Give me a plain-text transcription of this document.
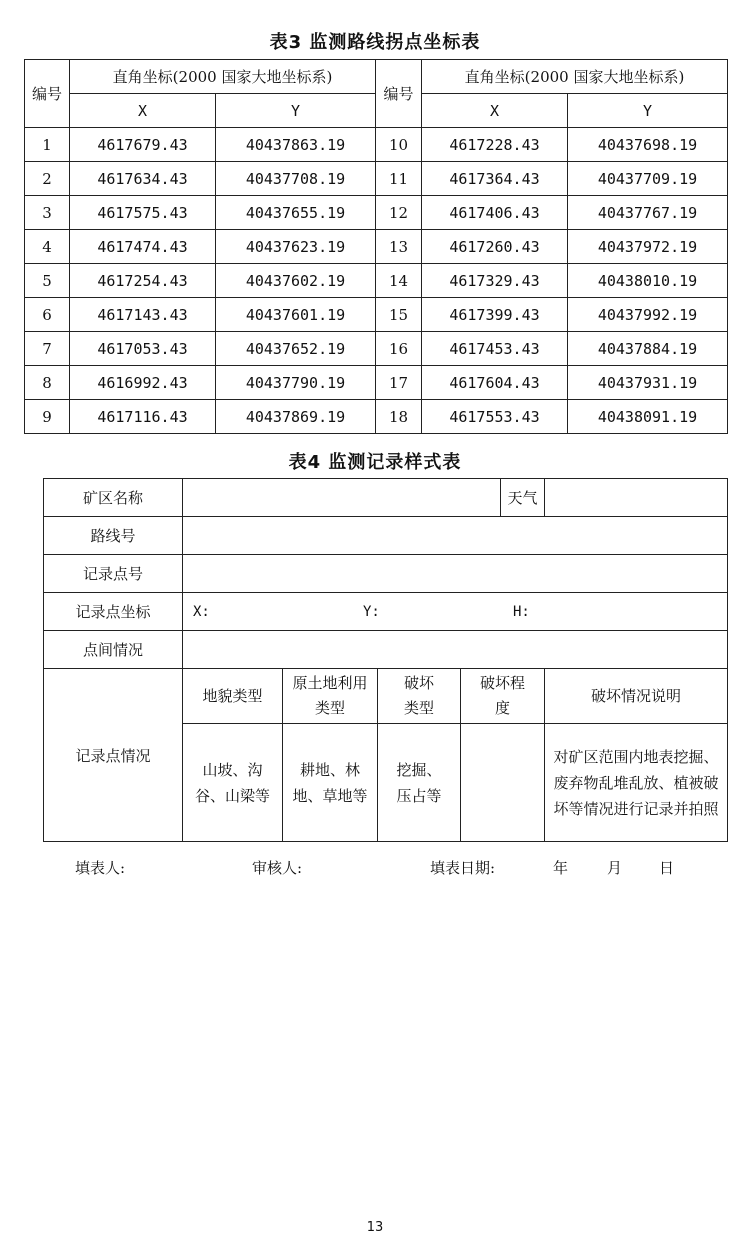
表3 监测路线拐点坐标表
编号	直角坐标(2000 国家大地坐标系)		编号	直角坐标(2000 国家大地坐标系)	
	X	Y		X	Y
1	4617679.43	40437863.19	10	4617228.43	40437698.19
2	4617634.43	40437708.19	11	4617364.43	40437709.19
3	4617575.43	40437655.19	12	4617406.43	40437767.19
4	4617474.43	40437623.19	13	4617260.43	40437972.19
5	4617254.43	40437602.19	14	4617329.43	40438010.19
6	4617143.43	40437601.19	15	4617399.43	40437992.19
7	4617053.43	40437652.19	16	4617453.43	40437884.19
8	4616992.43	40437790.19	17	4617604.43	40437931.19
9	4617116.43	40437869.19	18	4617553.43	40438091.19
表4 监测记录样式表
矿区名称					天气	
路线号						
记录点号						
记录点坐标	X: Y: H:					
点间情况						
记录点情况	地貌类型	原土地利用类型	破坏类型	破坏程度		破坏情况说明
	山坡、沟谷、山梁等	耕地、林地、草地等	挖掘、压占等			对矿区范围内地表挖掘、废弃物乱堆乱放、植被破坏等情况进行记录并拍照
填表人:	审核人:	填表日期:	年	月 日
13
